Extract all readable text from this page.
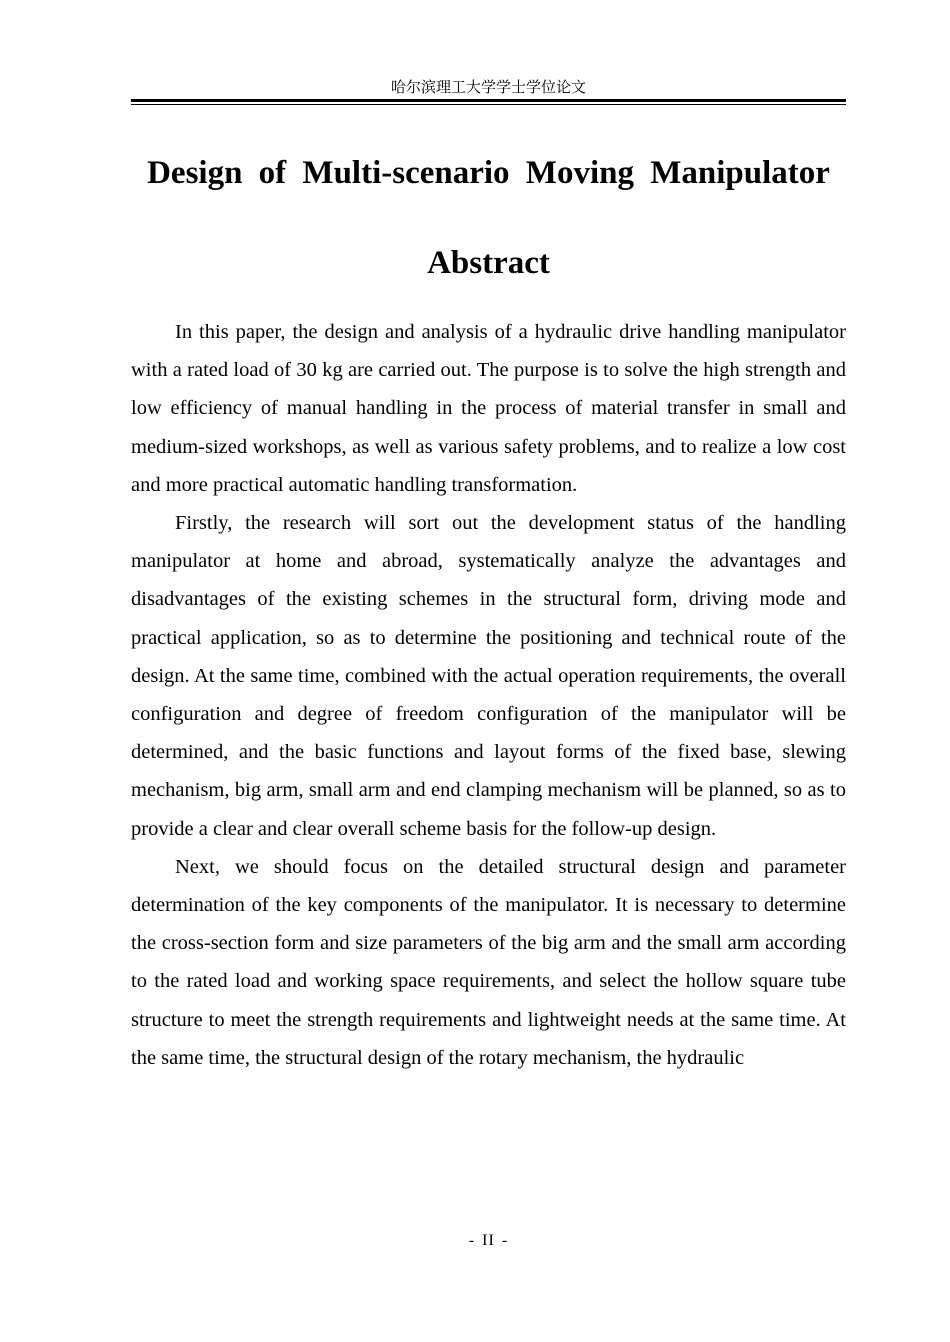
哈尔滨理工大学学士学位论文
Design of Multi-scenario Moving Manipulator
Abstract

In this paper, the design and analysis of a hydraulic drive handling manipulator with a rated load of 30 kg are carried out. The purpose is to solve the high strength and low efficiency of manual handling in the process of material transfer in small and medium-sized workshops, as well as various safety problems, and to realize a low cost and more practical automatic handling transformation.

Firstly, the research will sort out the development status of the handling manipulator at home and abroad, systematically analyze the advantages and disadvantages of the existing schemes in the structural form, driving mode and practical application, so as to determine the positioning and technical route of the design. At the same time, combined with the actual operation requirements, the overall configuration and degree of freedom configuration of the manipulator will be determined, and the basic functions and layout forms of the fixed base, slewing mechanism, big arm, small arm and end clamping mechanism will be planned, so as to provide a clear and clear overall scheme basis for the follow-up design.

Next, we should focus on the detailed structural design and parameter determination of the key components of the manipulator. It is necessary to determine the cross-section form and size parameters of the big arm and the small arm according to the rated load and working space requirements, and select the hollow square tube structure to meet the strength requirements and lightweight needs at the same time. At the same time, the structural design of the rotary mechanism, the hydraulic

- II -
